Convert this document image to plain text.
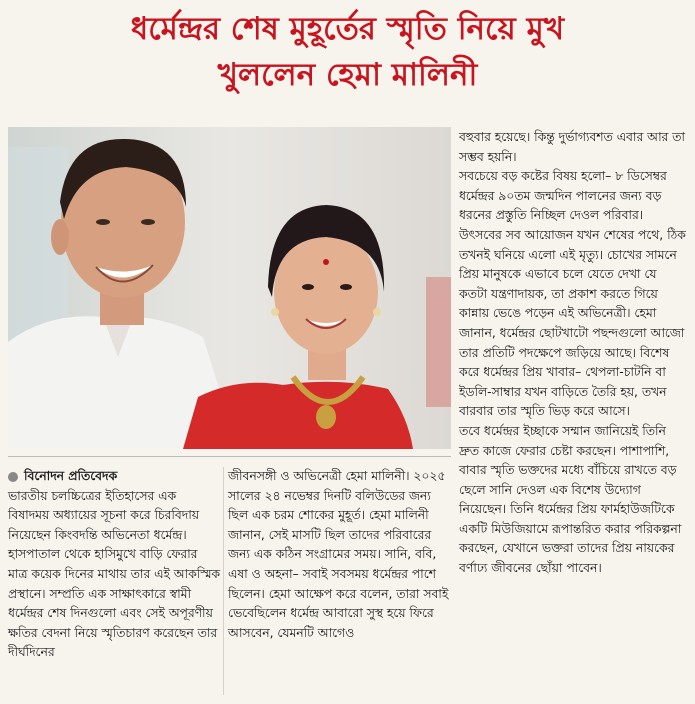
ধর্মেন্দ্রর শেষ মুহূর্তের স্মৃতি নিয়ে মুখ
খুললেন হেমা মালিনী
বিনোদন প্রতিবেদক

ভারতীয় চলচ্চিত্রের ইতিহাসের এক বিষাদময় অধ্যায়ের সূচনা করে চিরবিদায় নিয়েছেন কিংবদন্তি অভিনেতা ধর্মেন্দ্র। হাসপাতাল থেকে হাসিমুখে বাড়ি ফেরার মাত্র কয়েক দিনের মাথায় তার এই আকস্মিক প্রস্থানে। সম্প্রতি এক সাক্ষাৎকারে স্বামী ধর্মেন্দ্রর শেষ দিনগুলো এবং সেই অপূরণীয় ক্ষতির বেদনা নিয়ে স্মৃতিচারণ করেছেন তার দীর্ঘদিনের

জীবনসঙ্গী ও অভিনেত্রী হেমা মালিনী। ২০২৫ সালের ২৪ নভেম্বর দিনটি বলিউডের জন্য ছিল এক চরম শোকের মুহূর্ত। হেমা মালিনী জানান, সেই মাসটি ছিল তাদের পরিবারের জন্য এক কঠিন সংগ্রামের সময়। সানি, ববি, এষা ও অহনা– সবাই সবসময় ধর্মেন্দ্রর পাশে ছিলেন। হেমা আক্ষেপ করে বলেন, তারা সবাই ভেবেছিলেন ধর্মেন্দ্র আবারো সুস্থ হয়ে ফিরে আসবেন, যেমনটি আগেও

বহুবার হয়েছে। কিন্তু দুর্ভাগ্যবশত এবার আর তা সম্ভব হয়নি।

সবচেয়ে বড় কষ্টের বিষয় হলো– ৮ ডিসেম্বর ধর্মেন্দ্রর ৯০তম জন্মদিন পালনের জন্য বড় ধরনের প্রস্তুতি নিচ্ছিল দেওল পরিবার। উৎসবের সব আয়োজন যখন শেষের পথে, ঠিক তখনই ঘনিয়ে এলো এই মৃত্যু। চোখের সামনে প্রিয় মানুষকে এভাবে চলে যেতে দেখা যে কতটা যন্ত্রণাদায়ক, তা প্রকাশ করতে গিয়ে কান্নায় ভেঙে পড়েন এই অভিনেত্রী। হেমা জানান, ধর্মেন্দ্রর ছোটখাটো পছন্দগুলো আজো তার প্রতিটি পদক্ষেপে জড়িয়ে আছে। বিশেষ করে ধর্মেন্দ্রর প্রিয় খাবার– থেপলা-চাটনি বা ইডলি-সাম্বার যখন বাড়িতে তৈরি হয়, তখন বারবার তার স্মৃতি ভিড় করে আসে।

তবে ধর্মেন্দ্রর ইচ্ছাকে সম্মান জানিয়েই তিনি দ্রুত কাজে ফেরার চেষ্টা করছেন। পাশাপাশি, বাবার স্মৃতি ভক্তদের মধ্যে বাঁচিয়ে রাখতে বড় ছেলে সানি দেওল এক বিশেষ উদ্যোগ নিয়েছেন। তিনি ধর্মেন্দ্রর প্রিয় ফার্মহাউজটিকে একটি মিউজিয়ামে রূপান্তরিত করার পরিকল্পনা করছেন, যেখানে ভক্তরা তাদের প্রিয় নায়কের বর্ণাঢ্য জীবনের ছোঁয়া পাবেন।
